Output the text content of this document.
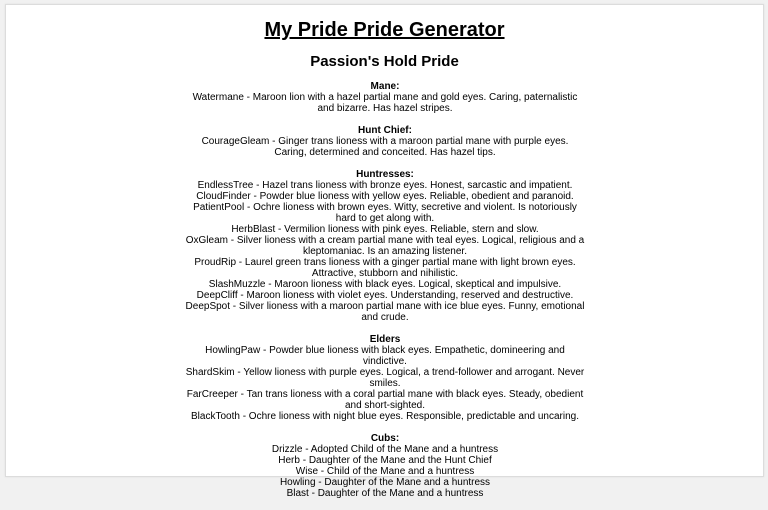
My Pride Pride Generator
Passion's Hold Pride
Mane:
Watermane - Maroon lion with a hazel partial mane and gold eyes. Caring, paternalistic and bizarre. Has hazel stripes.
Hunt Chief:
CourageGleam - Ginger trans lioness with a maroon partial mane with purple eyes. Caring, determined and conceited. Has hazel tips.
Huntresses:
EndlessTree - Hazel trans lioness with bronze eyes. Honest, sarcastic and impatient.
CloudFinder - Powder blue lioness with yellow eyes. Reliable, obedient and paranoid.
PatientPool - Ochre lioness with brown eyes. Witty, secretive and violent. Is notoriously hard to get along with.
HerbBlast - Vermilion lioness with pink eyes. Reliable, stern and slow.
OxGleam - Silver lioness with a cream partial mane with teal eyes. Logical, religious and a kleptomaniac. Is an amazing listener.
ProudRip - Laurel green trans lioness with a ginger partial mane with light brown eyes. Attractive, stubborn and nihilistic.
SlashMuzzle - Maroon lioness with black eyes. Logical, skeptical and impulsive.
DeepCliff - Maroon lioness with violet eyes. Understanding, reserved and destructive.
DeepSpot - Silver lioness with a maroon partial mane with ice blue eyes. Funny, emotional and crude.
Elders
HowlingPaw - Powder blue lioness with black eyes. Empathetic, domineering and vindictive.
ShardSkim - Yellow lioness with purple eyes. Logical, a trend-follower and arrogant. Never smiles.
FarCreeper - Tan trans lioness with a coral partial mane with black eyes. Steady, obedient and short-sighted.
BlackTooth - Ochre lioness with night blue eyes. Responsible, predictable and uncaring.
Cubs:
Drizzle - Adopted Child of the Mane and a huntress
Herb - Daughter of the Mane and the Hunt Chief
Wise - Child of the Mane and a huntress
Howling - Daughter of the Mane and a huntress
Blast - Daughter of the Mane and a huntress
